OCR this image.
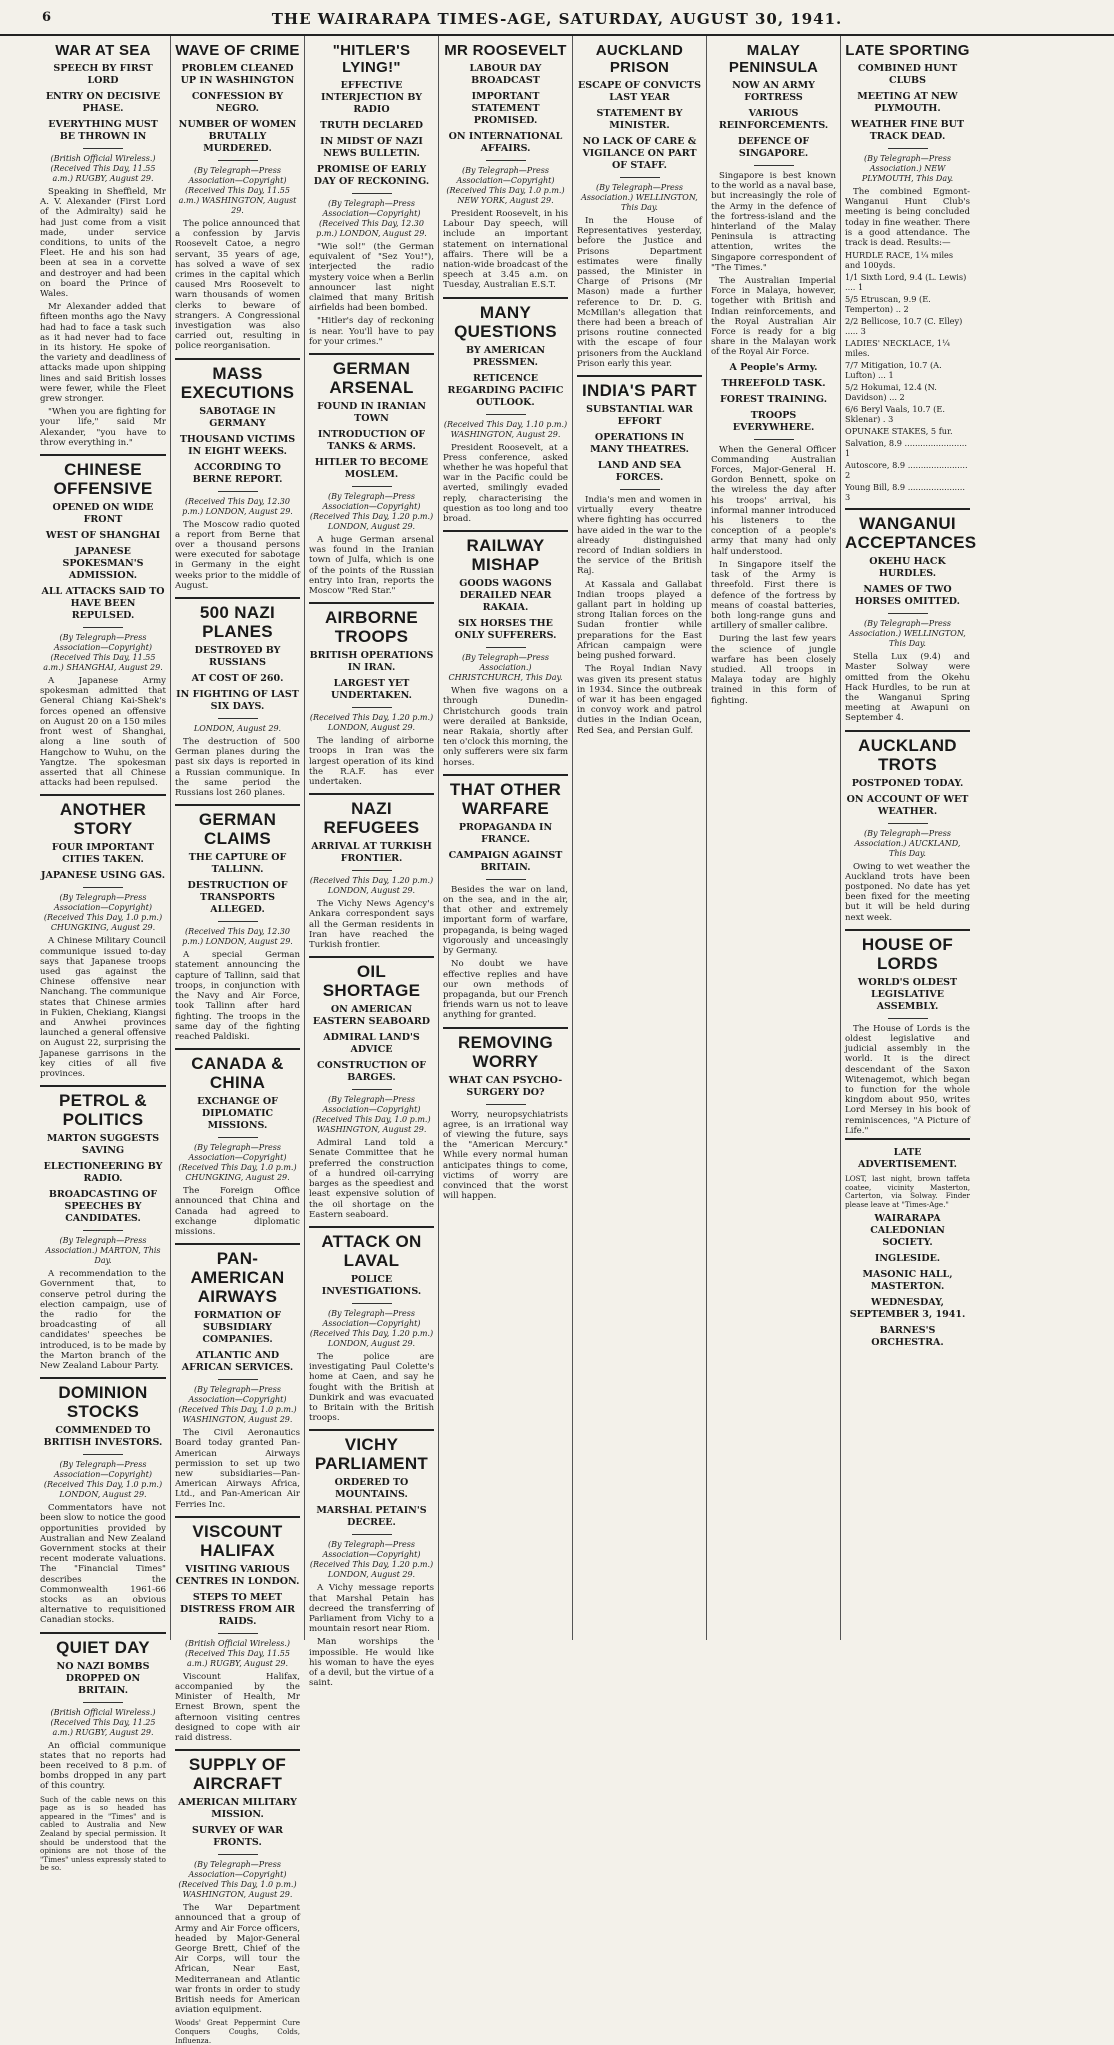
6	THE WAIRARAPA TIMES-AGE, SATURDAY, AUGUST 30, 1941.
WAR AT SEA
SPEECH BY FIRST LORD
ENTRY ON DECISIVE PHASE.
EVERYTHING MUST BE THROWN IN
(British Official Wireless.) (Received This Day, 11.55 a.m.) RUGBY, August 29.

Speaking in Sheffield, Mr A. V. Alexander (First Lord of the Admiralty) said he had just come from a visit made, under service conditions, to units of the Fleet. He and his son had been at sea in a corvette and destroyer and had been on board the Prince of Wales.

Mr Alexander added that fifteen months ago the Navy had had to face a task such as it had never had to face in its history. He spoke of the variety and deadliness of attacks made upon shipping lines and said British losses were fewer, while the Fleet grew stronger.

"When you are fighting for your life," said Mr Alexander, "you have to throw everything in."

CHINESE OFFENSIVE
OPENED ON WIDE FRONT
WEST OF SHANGHAI
JAPANESE SPOKESMAN'S ADMISSION.
ALL ATTACKS SAID TO HAVE BEEN REPULSED.
(By Telegraph—Press Association—Copyright) (Received This Day, 11.55 a.m.) SHANGHAI, August 29.

A Japanese Army spokesman admitted that General Chiang Kai-Shek's forces opened an offensive on August 20 on a 150 miles front west of Shanghai, along a line south of Hangchow to Wuhu, on the Yangtze. The spokesman asserted that all Chinese attacks had been repulsed.

ANOTHER STORY
FOUR IMPORTANT CITIES TAKEN.
JAPANESE USING GAS.
(By Telegraph—Press Association—Copyright) (Received This Day, 1.0 p.m.) CHUNGKING, August 29.

A Chinese Military Council communique issued to-day says that Japanese troops used gas against the Chinese offensive near Nanchang. The communique states that Chinese armies in Fukien, Chekiang, Kiangsi and Anwhei provinces launched a general offensive on August 22, surprising the Japanese garrisons in the key cities of all five provinces.

PETROL & POLITICS
MARTON SUGGESTS SAVING
ELECTIONEERING BY RADIO.
BROADCASTING OF SPEECHES BY CANDIDATES.
(By Telegraph—Press Association.) MARTON, This Day.

A recommendation to the Government that, to conserve petrol during the election campaign, use of the radio for the broadcasting of all candidates' speeches be introduced, is to be made by the Marton branch of the New Zealand Labour Party.

DOMINION STOCKS
COMMENDED TO BRITISH INVESTORS.
(By Telegraph—Press Association—Copyright) (Received This Day, 1.0 p.m.) LONDON, August 29.

Commentators have not been slow to notice the good opportunities provided by Australian and New Zealand Government stocks at their recent moderate valuations. The "Financial Times" describes the Commonwealth 1961-66 stocks as an obvious alternative to requisitioned Canadian stocks.

QUIET DAY
NO NAZI BOMBS DROPPED ON BRITAIN.
(British Official Wireless.) (Received This Day, 11.25 a.m.) RUGBY, August 29.

An official communique states that no reports had been received to 8 p.m. of bombs dropped in any part of this country.

Such of the cable news on this page as is so headed has appeared in the "Times" and is cabled to Australia and New Zealand by special permission. It should be understood that the opinions are not those of the "Times" unless expressly stated to be so.

WAVE OF CRIME
PROBLEM CLEANED UP IN WASHINGTON
CONFESSION BY NEGRO.
NUMBER OF WOMEN BRUTALLY MURDERED.
(By Telegraph—Press Association—Copyright) (Received This Day, 11.55 a.m.) WASHINGTON, August 29.

The police announced that a confession by Jarvis Roosevelt Catoe, a negro servant, 35 years of age, has solved a wave of sex crimes in the capital which caused Mrs Roosevelt to warn thousands of women clerks to beware of strangers. A Congressional investigation was also carried out, resulting in police reorganisation.

MASS EXECUTIONS
SABOTAGE IN GERMANY
THOUSAND VICTIMS IN EIGHT WEEKS.
ACCORDING TO BERNE REPORT.
(Received This Day, 12.30 p.m.) LONDON, August 29.

The Moscow radio quoted a report from Berne that over a thousand persons were executed for sabotage in Germany in the eight weeks prior to the middle of August.

500 NAZI PLANES
DESTROYED BY RUSSIANS
AT COST OF 260.
IN FIGHTING OF LAST SIX DAYS.
LONDON, August 29.

The destruction of 500 German planes during the past six days is reported in a Russian communique. In the same period the Russians lost 260 planes.

GERMAN CLAIMS
THE CAPTURE OF TALLINN.
DESTRUCTION OF TRANSPORTS ALLEGED.
(Received This Day, 12.30 p.m.) LONDON, August 29.

A special German statement announcing the capture of Tallinn, said that troops, in conjunction with the Navy and Air Force, took Tallinn after hard fighting. The troops in the same day of the fighting reached Paldiski.

CANADA & CHINA
EXCHANGE OF DIPLOMATIC MISSIONS.
(By Telegraph—Press Association—Copyright) (Received This Day, 1.0 p.m.) CHUNGKING, August 29.

The Foreign Office announced that China and Canada had agreed to exchange diplomatic missions.

PAN-AMERICAN AIRWAYS
FORMATION OF SUBSIDIARY COMPANIES.
ATLANTIC AND AFRICAN SERVICES.
(By Telegraph—Press Association—Copyright) (Received This Day, 1.0 p.m.) WASHINGTON, August 29.

The Civil Aeronautics Board today granted Pan-American Airways permission to set up two new subsidiaries—Pan-American Airways Africa, Ltd., and Pan-American Air Ferries Inc.

VISCOUNT HALIFAX
VISITING VARIOUS CENTRES IN LONDON.
STEPS TO MEET DISTRESS FROM AIR RAIDS.
(British Official Wireless.) (Received This Day, 11.55 a.m.) RUGBY, August 29.

Viscount Halifax, accompanied by the Minister of Health, Mr Ernest Brown, spent the afternoon visiting centres designed to cope with air raid distress.

SUPPLY OF AIRCRAFT
AMERICAN MILITARY MISSION.
SURVEY OF WAR FRONTS.
(By Telegraph—Press Association—Copyright) (Received This Day, 1.0 p.m.) WASHINGTON, August 29.

The War Department announced that a group of Army and Air Force officers, headed by Major-General George Brett, Chief of the Air Corps, will tour the African, Near East, Mediterranean and Atlantic war fronts in order to study British needs for American aviation equipment.

Woods' Great Peppermint Cure Conquers Coughs, Colds, Influenza.

"HITLER'S LYING!"
EFFECTIVE INTERJECTION BY RADIO
TRUTH DECLARED
IN MIDST OF NAZI NEWS BULLETIN.
PROMISE OF EARLY DAY OF RECKONING.
(By Telegraph—Press Association—Copyright) (Received This Day, 12.30 p.m.) LONDON, August 29.

"Wie sol!" (the German equivalent of "Sez You!"), interjected the radio mystery voice when a Berlin announcer last night claimed that many British airfields had been bombed.

"Hitler's day of reckoning is near. You'll have to pay for your crimes."

GERMAN ARSENAL
FOUND IN IRANIAN TOWN
INTRODUCTION OF TANKS & ARMS.
HITLER TO BECOME MOSLEM.
(By Telegraph—Press Association—Copyright) (Received This Day, 1.20 p.m.) LONDON, August 29.

A huge German arsenal was found in the Iranian town of Julfa, which is one of the points of the Russian entry into Iran, reports the Moscow "Red Star."

AIRBORNE TROOPS
BRITISH OPERATIONS IN IRAN.
LARGEST YET UNDERTAKEN.
(Received This Day, 1.20 p.m.) LONDON, August 29.

The landing of airborne troops in Iran was the largest operation of its kind the R.A.F. has ever undertaken.

NAZI REFUGEES
ARRIVAL AT TURKISH FRONTIER.
(Received This Day, 1.20 p.m.) LONDON, August 29.

The Vichy News Agency's Ankara correspondent says all the German residents in Iran have reached the Turkish frontier.

OIL SHORTAGE
ON AMERICAN EASTERN SEABOARD
ADMIRAL LAND'S ADVICE
CONSTRUCTION OF BARGES.
(By Telegraph—Press Association—Copyright) (Received This Day, 1.0 p.m.) WASHINGTON, August 29.

Admiral Land told a Senate Committee that he preferred the construction of a hundred oil-carrying barges as the speediest and least expensive solution of the oil shortage on the Eastern seaboard.

ATTACK ON LAVAL
POLICE INVESTIGATIONS.
(By Telegraph—Press Association—Copyright) (Received This Day, 1.20 p.m.) LONDON, August 29.

The police are investigating Paul Colette's home at Caen, and say he fought with the British at Dunkirk and was evacuated to Britain with the British troops.

VICHY PARLIAMENT
ORDERED TO MOUNTAINS.
MARSHAL PETAIN'S DECREE.
(By Telegraph—Press Association—Copyright) (Received This Day, 1.20 p.m.) LONDON, August 29.

A Vichy message reports that Marshal Petain has decreed the transferring of Parliament from Vichy to a mountain resort near Riom.

Man worships the impossible. He would like his woman to have the eyes of a devil, but the virtue of a saint.

MR ROOSEVELT
LABOUR DAY BROADCAST
IMPORTANT STATEMENT PROMISED.
ON INTERNATIONAL AFFAIRS.
(By Telegraph—Press Association—Copyright) (Received This Day, 1.0 p.m.) NEW YORK, August 29.

President Roosevelt, in his Labour Day speech, will include an important statement on international affairs. There will be a nation-wide broadcast of the speech at 3.45 a.m. on Tuesday, Australian E.S.T.

MANY QUESTIONS
BY AMERICAN PRESSMEN.
RETICENCE REGARDING PACIFIC OUTLOOK.
(Received This Day, 1.10 p.m.) WASHINGTON, August 29.

President Roosevelt, at a Press conference, asked whether he was hopeful that war in the Pacific could be averted, smilingly evaded reply, characterising the question as too long and too broad.

RAILWAY MISHAP
GOODS WAGONS DERAILED NEAR RAKAIA.
SIX HORSES THE ONLY SUFFERERS.
(By Telegraph—Press Association.) CHRISTCHURCH, This Day.

When five wagons on a through Dunedin-Christchurch goods train were derailed at Bankside, near Rakaia, shortly after ten o'clock this morning, the only sufferers were six farm horses.

THAT OTHER WARFARE
PROPAGANDA IN FRANCE.
CAMPAIGN AGAINST BRITAIN.

Besides the war on land, on the sea, and in the air, that other and extremely important form of warfare, propaganda, is being waged vigorously and unceasingly by Germany.

No doubt we have effective replies and have our own methods of propaganda, but our French friends warn us not to leave anything for granted.

REMOVING WORRY
WHAT CAN PSYCHO-SURGERY DO?

Worry, neuropsychiatrists agree, is an irrational way of viewing the future, says the "American Mercury." While every normal human anticipates things to come, victims of worry are convinced that the worst will happen.

AUCKLAND PRISON
ESCAPE OF CONVICTS LAST YEAR
STATEMENT BY MINISTER.
NO LACK OF CARE & VIGILANCE ON PART OF STAFF.
(By Telegraph—Press Association.) WELLINGTON, This Day.

In the House of Representatives yesterday, before the Justice and Prisons Department estimates were finally passed, the Minister in Charge of Prisons (Mr Mason) made a further reference to Dr. D. G. McMillan's allegation that there had been a breach of prisons routine connected with the escape of four prisoners from the Auckland Prison early this year.

INDIA'S PART
SUBSTANTIAL WAR EFFORT
OPERATIONS IN MANY THEATRES.
LAND AND SEA FORCES.

India's men and women in virtually every theatre where fighting has occurred have aided in the war to the already distinguished record of Indian soldiers in the service of the British Raj.

At Kassala and Gallabat Indian troops played a gallant part in holding up strong Italian forces on the Sudan frontier while preparations for the East African campaign were being pushed forward.

The Royal Indian Navy was given its present status in 1934. Since the outbreak of war it has been engaged in convoy work and patrol duties in the Indian Ocean, Red Sea, and Persian Gulf.

MALAY PENINSULA
NOW AN ARMY FORTRESS
VARIOUS REINFORCEMENTS.
DEFENCE OF SINGAPORE.

Singapore is best known to the world as a naval base, but increasingly the role of the Army in the defence of the fortress-island and the hinterland of the Malay Peninsula is attracting attention, writes the Singapore correspondent of "The Times."

The Australian Imperial Force in Malaya, however, together with British and Indian reinforcements, and the Royal Australian Air Force is ready for a big share in the Malayan work of the Royal Air Force.

A People's Army.
THREEFOLD TASK.
FOREST TRAINING.
TROOPS EVERYWHERE.

When the General Officer Commanding Australian Forces, Major-General H. Gordon Bennett, spoke on the wireless the day after his troops' arrival, his informal manner introduced his listeners to the conception of a people's army that many had only half understood.

In Singapore itself the task of the Army is threefold. First there is defence of the fortress by means of coastal batteries, both long-range guns and artillery of smaller calibre.

During the last few years the science of jungle warfare has been closely studied. All troops in Malaya today are highly trained in this form of fighting.

LATE SPORTING
COMBINED HUNT CLUBS
MEETING AT NEW PLYMOUTH.
WEATHER FINE BUT TRACK DEAD.
(By Telegraph—Press Association.) NEW PLYMOUTH, This Day.

The combined Egmont-Wanganui Hunt Club's meeting is being concluded today in fine weather. There is a good attendance. The track is dead. Results:—

HURDLE RACE, 1¼ miles and 100yds.
1/1 Sixth Lord, 9.4 (L. Lewis) .... 1
5/5 Etruscan, 9.9 (E. Temperton) .. 2
2/2 Bellicose, 10.7 (C. Elley) ..... 3
LADIES' NECKLACE, 1¼ miles.
7/7 Mitigation, 10.7 (A. Lufton) ... 1
5/2 Hokumai, 12.4 (N. Davidson) ... 2
6/6 Beryl Vaals, 10.7 (E. Sklenar) . 3
OPUNAKE STAKES, 5 fur.
Salvation, 8.9 ........................ 1
Autoscore, 8.9 ....................... 2
Young Bill, 8.9 ...................... 3
WANGANUI ACCEPTANCES
OKEHU HACK HURDLES.
NAMES OF TWO HORSES OMITTED.
(By Telegraph—Press Association.) WELLINGTON, This Day.

Stella Lux (9.4) and Master Solway were omitted from the Okehu Hack Hurdles, to be run at the Wanganui Spring meeting at Awapuni on September 4.

AUCKLAND TROTS
POSTPONED TODAY.
ON ACCOUNT OF WET WEATHER.
(By Telegraph—Press Association.) AUCKLAND, This Day.

Owing to wet weather the Auckland trots have been postponed. No date has yet been fixed for the meeting but it will be held during next week.

HOUSE OF LORDS
WORLD'S OLDEST LEGISLATIVE ASSEMBLY.

The House of Lords is the oldest legislative and judicial assembly in the world. It is the direct descendant of the Saxon Witenagemot, which began to function for the whole kingdom about 950, writes Lord Mersey in his book of reminiscences, "A Picture of Life."

LATE ADVERTISEMENT.
LOST, last night, brown taffeta coatee, vicinity Masterton, Carterton, via Solway. Finder please leave at "Times-Age."
WAIRARAPA CALEDONIAN SOCIETY.
INGLESIDE.
MASONIC HALL, MASTERTON.
WEDNESDAY, SEPTEMBER 3, 1941.
BARNES'S ORCHESTRA.
